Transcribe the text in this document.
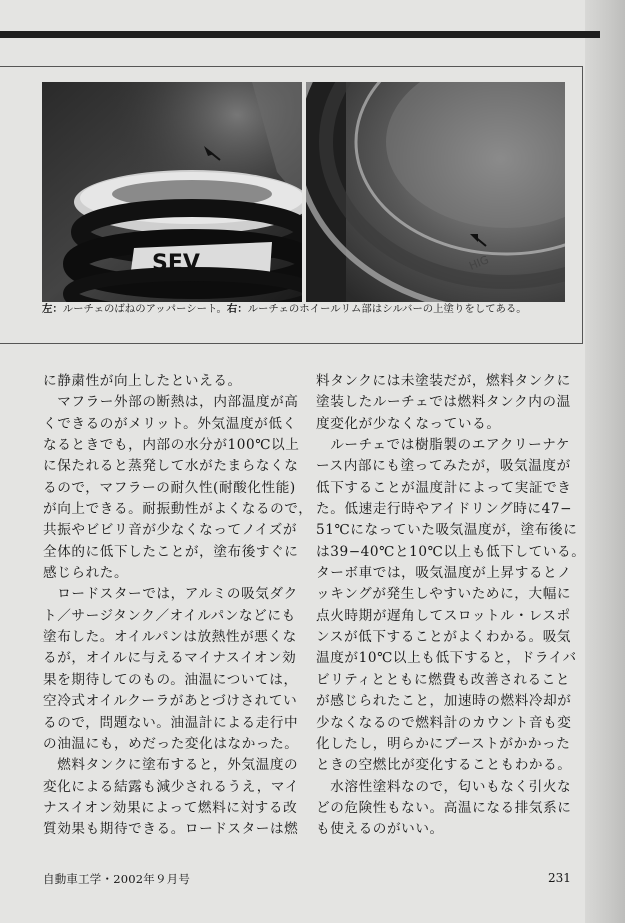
SEV	HIG
左：ルーチェのばねのアッパーシート。右：ルーチェのホイールリム部はシルバーの上塗りをしてある。

に静粛性が向上したといえる。

　マフラー外部の断熱は，内部温度が高

くできるのがメリット。外気温度が低く

なるときでも，内部の水分が100℃以上

に保たれると蒸発して水がたまらなくな

るので，マフラーの耐久性(耐酸化性能)

が向上できる。耐振動性がよくなるので，

共振やビビリ音が少なくなってノイズが

全体的に低下したことが，塗布後すぐに

感じられた。

　ロードスターでは，アルミの吸気ダク

ト／サージタンク／オイルパンなどにも

塗布した。オイルパンは放熱性が悪くな

るが，オイルに与えるマイナスイオン効

果を期待してのもの。油温については，

空冷式オイルクーラがあとづけされてい

るので，問題ない。油温計による走行中

の油温にも，めだった変化はなかった。

　燃料タンクに塗布すると，外気温度の

変化による結露も減少されるうえ，マイ

ナスイオン効果によって燃料に対する改

質効果も期待できる。ロードスターは燃

料タンクには未塗装だが，燃料タンクに

塗装したルーチェでは燃料タンク内の温

度変化が少なくなっている。

　ルーチェでは樹脂製のエアクリーナケ

ース内部にも塗ってみたが，吸気温度が

低下することが温度計によって実証でき

た。低速走行時やアイドリング時に47−

51℃になっていた吸気温度が，塗布後に

は39−40℃と10℃以上も低下している。

ターボ車では，吸気温度が上昇するとノ

ッキングが発生しやすいために，大幅に

点火時期が遅角してスロットル・レスポ

ンスが低下することがよくわかる。吸気

温度が10℃以上も低下すると，ドライバ

ビリティとともに燃費も改善されること

が感じられたこと，加速時の燃料冷却が

少なくなるので燃料計のカウント音も変

化したし，明らかにブーストがかかった

ときの空燃比が変化することもわかる。

　水溶性塗料なので，匂いもなく引火な

どの危険性もない。高温になる排気系に

も使えるのがいい。

自動車工学・2002年９月号	231
